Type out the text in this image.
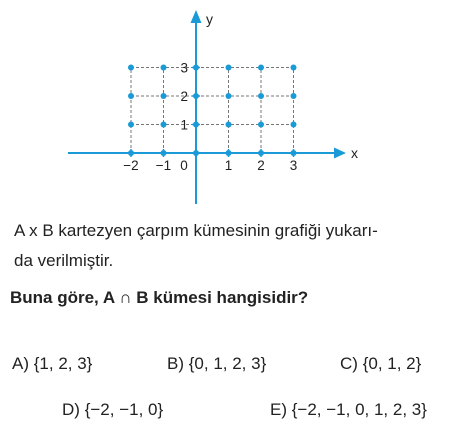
−2 −1	1 2 3
1
2
3
x
y
0
A x B kartezyen çarpım kümesinin grafiği yukarı-
da verilmiştir.
Buna göre, A ∩ B kümesi hangisidir?
A) {1, 2, 3}	B) {0, 1, 2, 3}	C) {0, 1, 2}
D) {−2, −1, 0}	E) {−2, −1, 0, 1, 2, 3}
